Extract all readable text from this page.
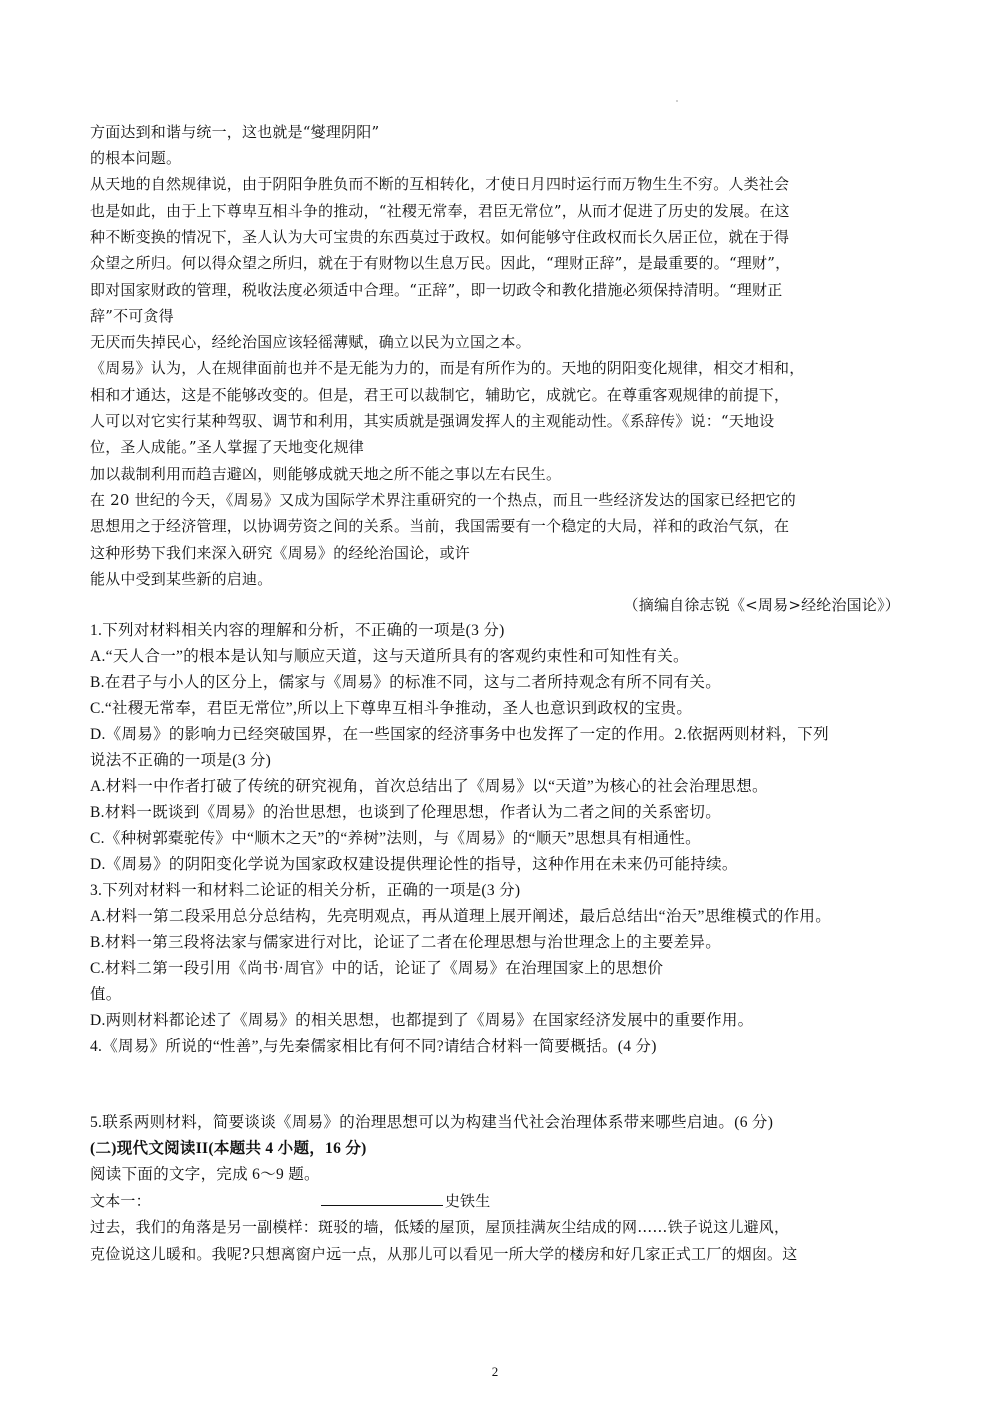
方面达到和谐与统一，这也就是“燮理阴阳”
的根本问题。
从天地的自然规律说，由于阴阳争胜负而不断的互相转化，才使日月四时运行而万物生生不穷。人类社会
也是如此，由于上下尊卑互相斗争的推动，“社稷无常奉，君臣无常位”，从而才促进了历史的发展。在这
种不断变换的情况下，圣人认为大可宝贵的东西莫过于政权。如何能够守住政权而长久居正位，就在于得
众望之所归。何以得众望之所归，就在于有财物以生息万民。因此，“理财正辞”，是最重要的。“理财”，
即对国家财政的管理，税收法度必须适中合理。“正辞”，即一切政令和教化措施必须保持清明。“理财正
辞”不可贪得
无厌而失掉民心，经纶治国应该轻徭薄赋，确立以民为立国之本。
《周易》认为，人在规律面前也并不是无能为力的，而是有所作为的。天地的阴阳变化规律，相交才相和，
相和才通达，这是不能够改变的。但是，君王可以裁制它，辅助它，成就它。在尊重客观规律的前提下，
人可以对它实行某种驾驭、调节和利用，其实质就是强调发挥人的主观能动性。《系辞传》说：“天地设
位，圣人成能。”圣人掌握了天地变化规律
加以裁制利用而趋吉避凶，则能够成就天地之所不能之事以左右民生。
在 20 世纪的今天，《周易》又成为国际学术界注重研究的一个热点，而且一些经济发达的国家已经把它的
思想用之于经济管理，以协调劳资之间的关系。当前，我国需要有一个稳定的大局，祥和的政治气氛，在
这种形势下我们来深入研究《周易》的经纶治国论，或许
能从中受到某些新的启迪。
（摘编自徐志锐《<周易>经纶治国论》）
1.下列对材料相关内容的理解和分析，不正确的一项是(3 分)
A.“天人合一”的根本是认知与顺应天道，这与天道所具有的客观约束性和可知性有关。
B.在君子与小人的区分上，儒家与《周易》的标准不同，这与二者所持观念有所不同有关。
C.“社稷无常奉，君臣无常位”,所以上下尊卑互相斗争推动，圣人也意识到政权的宝贵。
D.《周易》的影响力已经突破国界，在一些国家的经济事务中也发挥了一定的作用。2.依据两则材料，下列
说法不正确的一项是(3 分)
A.材料一中作者打破了传统的研究视角，首次总结出了《周易》以“天道”为核心的社会治理思想。
B.材料一既谈到《周易》的治世思想，也谈到了伦理思想，作者认为二者之间的关系密切。
C.《种树郭橐驼传》中“顺木之天”的“养树”法则，与《周易》的“顺天”思想具有相通性。
D.《周易》的阴阳变化学说为国家政权建设提供理论性的指导，这种作用在未来仍可能持续。
3.下列对材料一和材料二论证的相关分析，正确的一项是(3 分)
A.材料一第二段采用总分总结构，先亮明观点，再从道理上展开阐述，最后总结出“治天”思维模式的作用。
B.材料一第三段将法家与儒家进行对比，论证了二者在伦理思想与治世理念上的主要差异。
C.材料二第一段引用《尚书·周官》中的话，论证了《周易》在治理国家上的思想价
值。
D.两则材料都论述了《周易》的相关思想，也都提到了《周易》在国家经济发展中的重要作用。
4.《周易》所说的“性善”,与先秦儒家相比有何不同?请结合材料一简要概括。(4 分)
5.联系两则材料，简要谈谈《周易》的治理思想可以为构建当代社会治理体系带来哪些启迪。(6 分)
(二)现代文阅读II(本题共 4 小题，16 分)
阅读下面的文字，完成 6～9 题。
文本一：	史铁生
过去，我们的角落是另一副模样：斑驳的墙，低矮的屋顶，屋顶挂满灰尘结成的网……铁子说这儿避风，
克俭说这儿暖和。我呢?只想离窗户远一点，从那儿可以看见一所大学的楼房和好几家正式工厂的烟囱。这
2
